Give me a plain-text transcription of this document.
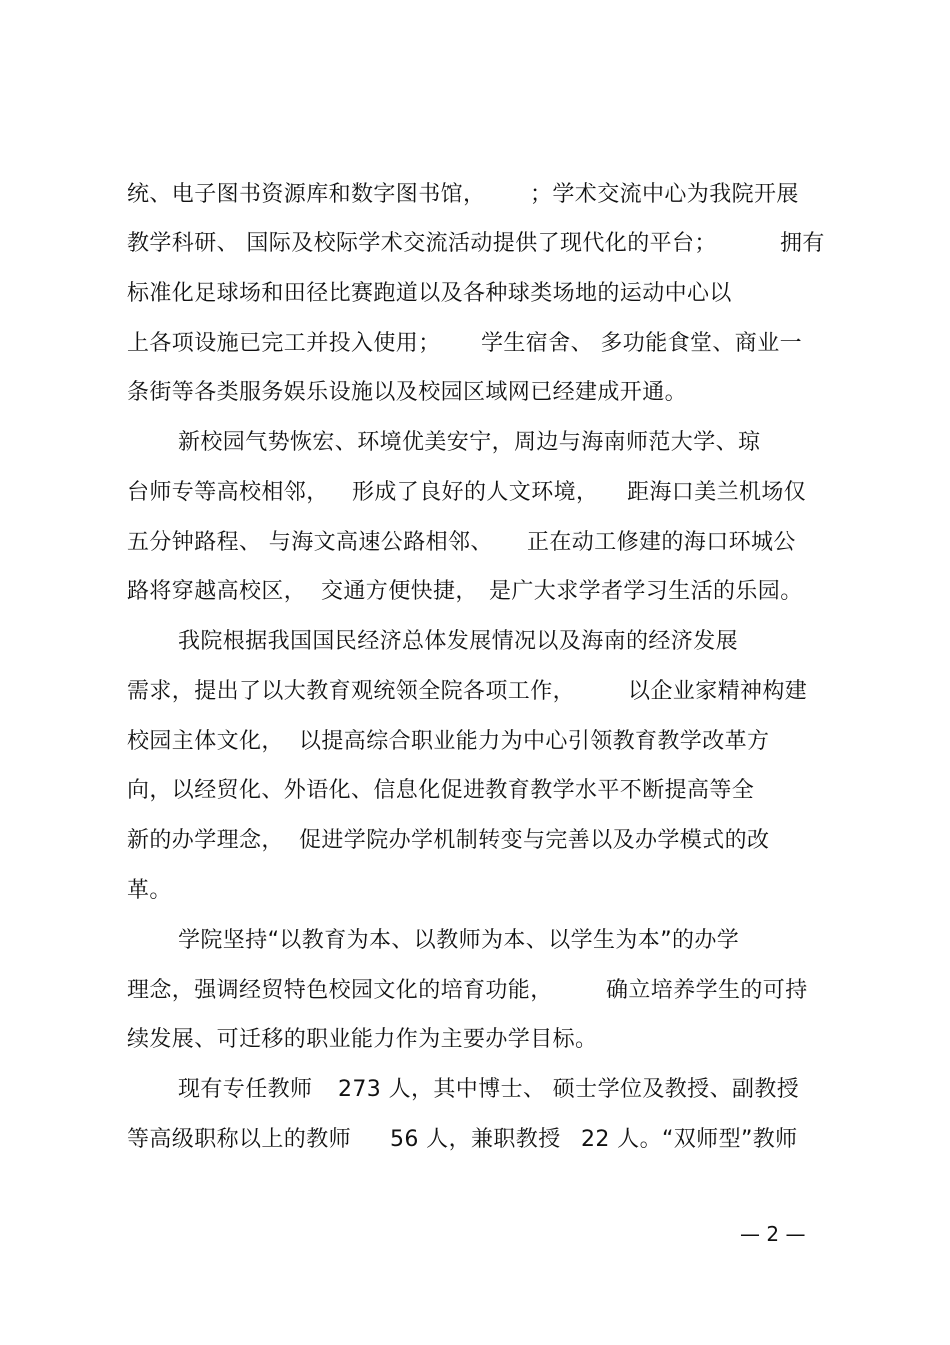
统、电子图书资源库和数字图书馆，

；学术交流中心为我院开展

教学科研、 国际及校际学术交流活动提供了现代化的平台；

	拥有

标准化足球场和田径比赛跑道以及各种球类场地的运动中心以

上各项设施已完工并投入使用；

学生宿舍、 多功能食堂、商业一

条街等各类服务娱乐设施以及校园区域网已经建成开通。

新校园气势恢宏、环境优美安宁，周边与海南师范大学、琼

台师专等高校相邻，

形成了良好的人文环境，

距海口美兰机场仅

五分钟路程、 与海文高速公路相邻、

正在动工修建的海口环城公

路将穿越高校区，

交通方便快捷，

是广大求学者学习生活的乐园。

我院根据我国国民经济总体发展情况以及海南的经济发展

需求，提出了以大教育观统领全院各项工作，

以企业家精神构建

校园主体文化，

以提高综合职业能力为中心引领教育教学改革方

向，以经贸化、外语化、信息化促进教育教学水平不断提高等全

新的办学理念，

促进学院办学机制转变与完善以及办学模式的改

革。

学院坚持“以教育为本、以教师为本、以学生为本”的办学

理念，强调经贸特色校园文化的培育功能，

确立培养学生的可持

续发展、可迁移的职业能力作为主要办学目标。

现有专任教师

273 人，其中博士、 硕士学位及教授、副教授

等高级职称以上的教师

56 人，兼职教授

22 人。“双师型”教师

— 2 —
